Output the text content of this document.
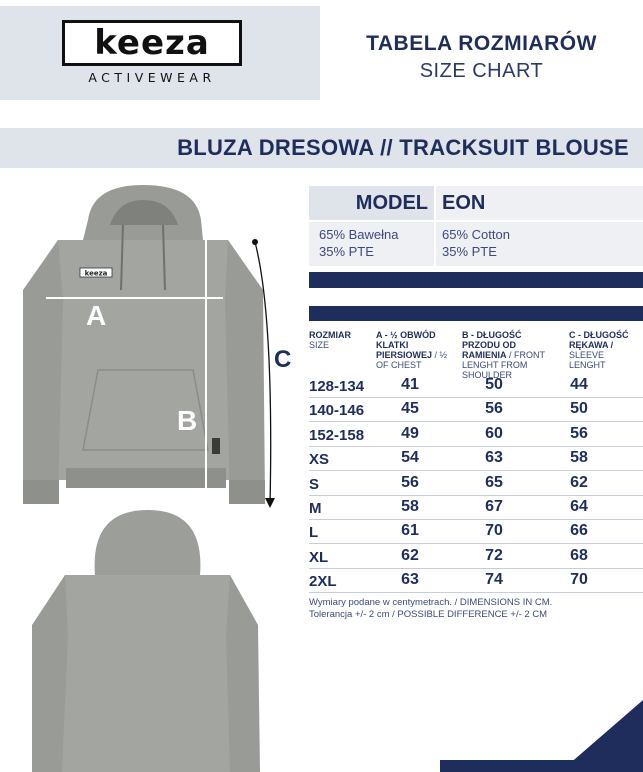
keeza
ACTIVEWEAR
TABELA ROZMIARÓW
SIZE CHART
BLUZA DRESOWA // TRACKSUIT BLOUSE
keeza
A
B
C
MODEL EON
65% Bawełna
35% PTE
65% Cotton
35% PTE
ROZMIAR
SIZE
A - ½ OBWÓD KLATKI PIERSIOWEJ / ½ OF CHEST
B - DŁUGOŚĆ PRZODU OD RAMIENIA / FRONT LENGHT FROM SHOULDER
C - DŁUGOŚĆ RĘKAWA / SLEEVE LENGHT
128-134	41	50	44
140-146	45	56	50
152-158	49	60	56
XS	54	63	58
S	56	65	62
M	58	67	64
L	61	70	66
XL	62	72	68
2XL	63	74	70
Wymiary podane w centymetrach. / DIMENSIONS IN CM.
Tolerancja +/- 2 cm / POSSIBLE DIFFERENCE +/- 2 CM
